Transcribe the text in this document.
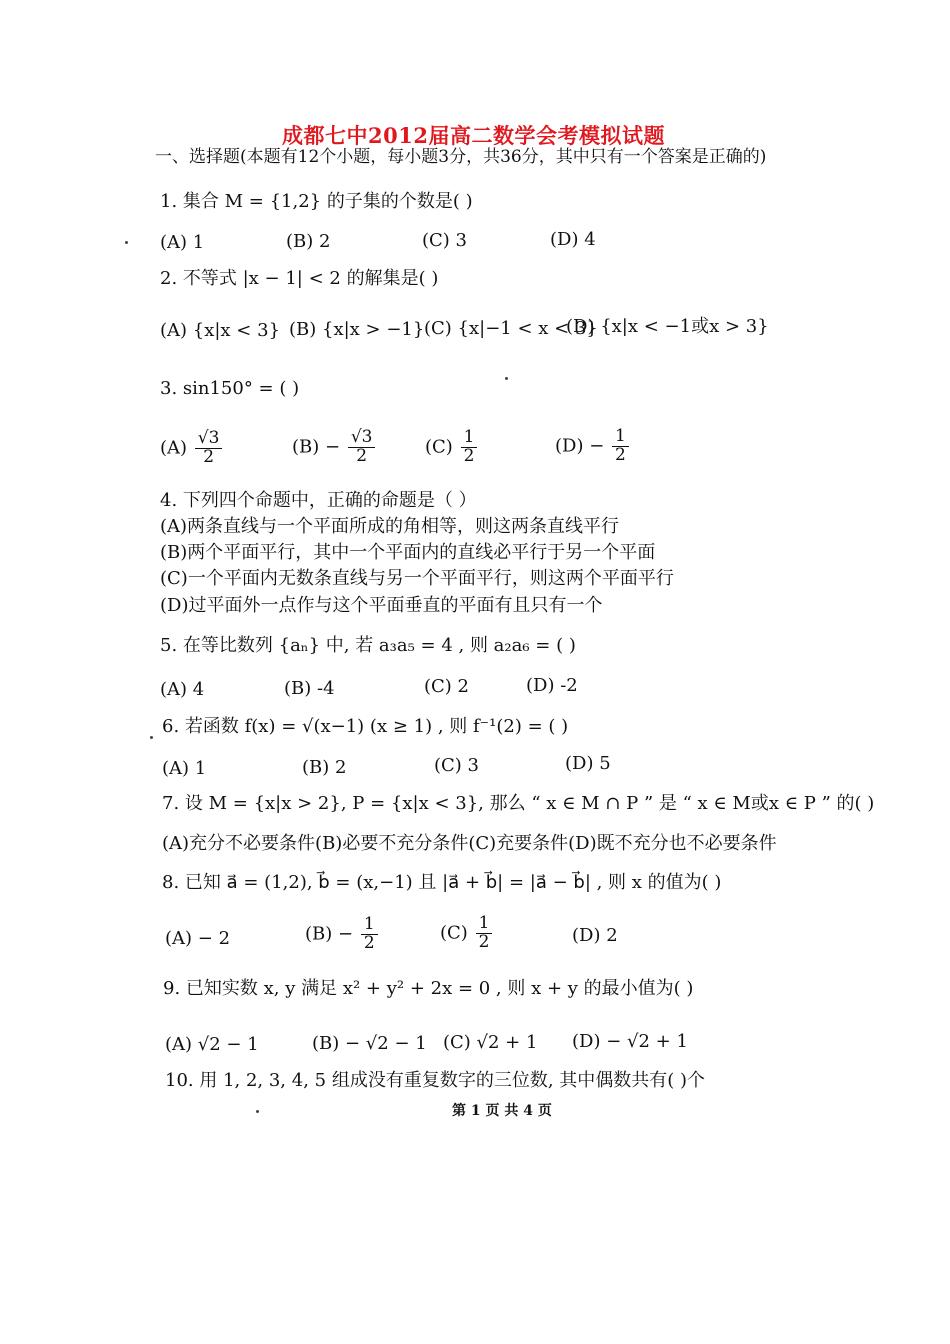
成都七中2012届高二数学会考模拟试题
一、选择题(本题有12个小题，每小题3分，共36分，其中只有一个答案是正确的)
1. 集合 M = {1,2} 的子集的个数是( )
(A) 1	(B) 2	(C) 3	(D) 4
2. 不等式 |x − 1| < 2 的解集是( )
(A) {x|x < 3} (B) {x|x > −1} (C) {x|−1 < x < 3}
(D) {x|x < −1或x > 3}
3. sin150° = ( )
$(A) \frac{√3}{2}$	$(B) - \frac{√3}{2}$	$(C) \frac{1}{2}$	$(D) - \frac{1}{2}$
4. 下列四个命题中，正确的命题是（ ）
(A)两条直线与一个平面所成的角相等，则这两条直线平行
(B)两个平面平行，其中一个平面内的直线必平行于另一个平面
(C)一个平面内无数条直线与另一个平面平行，则这两个平面平行
(D)过平面外一点作与这个平面垂直的平面有且只有一个
5. 在等比数列 {aₙ} 中, 若 a₃a₅ = 4 , 则 a₂a₆ = ( )
(A) 4	(B) -4	(C) 2	(D) -2
6. 若函数 f(x) = √(x−1) (x ≥ 1) , 则 f⁻¹(2) = ( )
(A) 1	(B) 2	(C) 3	(D) 5
7. 设 M = {x|x > 2}, P = {x|x < 3}, 那么 “ x ∈ M ∩ P ” 是 “ x ∈ M或x ∈ P ” 的( )
(A)充分不必要条件(B)必要不充分条件(C)充要条件(D)既不充分也不必要条件
8. 已知 a⃗ = (1,2), b⃗ = (x,−1) 且 |a⃗ + b⃗| = |a⃗ − b⃗| , 则 x 的值为( )
(A) − 2	$(B) - \frac{1}{2}$	$(C) \frac{1}{2}$	(D) 2
9. 已知实数 x, y 满足 x² + y² + 2x = 0 , 则 x + y 的最小值为( )
(A) √2 − 1	(B) − √2 − 1 (C) √2 + 1 (D) − √2 + 1
10. 用 1, 2, 3, 4, 5 组成没有重复数字的三位数, 其中偶数共有( )个
第 1 页 共 4 页
